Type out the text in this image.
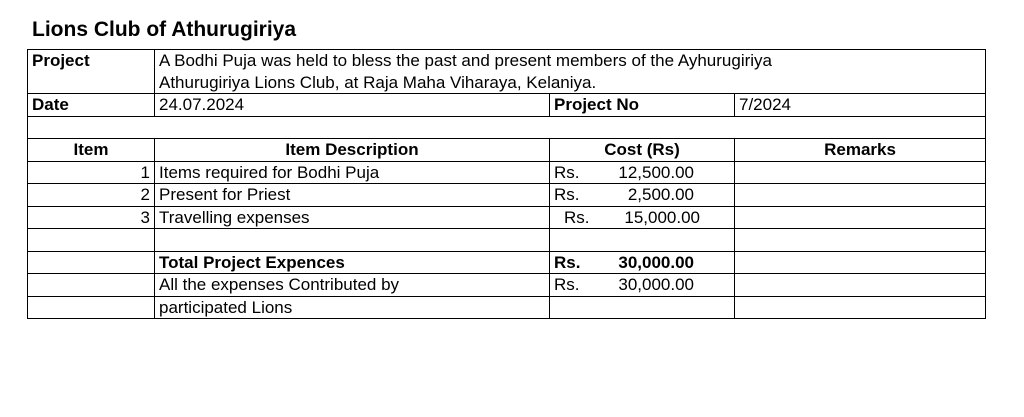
Lions Club of Athurugiriya
Project	A Bodhi Puja was held to bless the past and present members of the Ayhurugiriya		
	Athurugiriya Lions Club, at Raja Maha Viharaya, Kelaniya.		
Date	24.07.2024	Project No	7/2024

Item	Item Description	Cost (Rs)	Remarks
1	Items required for Bodhi Puja	Rs. 12,500.00	

2	Present for Priest	Rs. 2,500.00	

3	Travelling expenses	Rs. 15,000.00	

	Total Project Expences	Rs. 30,000.00	

	All the expenses Contributed by	Rs. 30,000.00	

	participated Lions		
